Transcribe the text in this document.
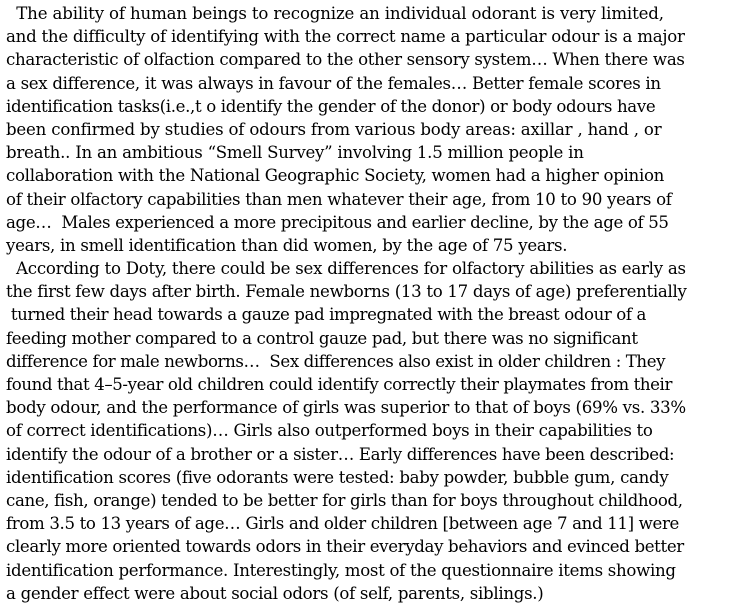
The ability of human beings to recognize an individual odorant is very limited,
and the difficulty of identifying with the correct name a particular odour is a major
characteristic of olfaction compared to the other sensory system… When there was
a sex difference, it was always in favour of the females… Better female scores in
identification tasks(i.e.,t o identify the gender of the donor) or body odours have
been confirmed by studies of odours from various body areas: axillar , hand , or
breath.. In an ambitious “Smell Survey” involving 1.5 million people in
collaboration with the National Geographic Society, women had a higher opinion
of their olfactory capabilities than men whatever their age, from 10 to 90 years of
age…  Males experienced a more precipitous and earlier decline, by the age of 55
years, in smell identification than did women, by the age of 75 years.
According to Doty, there could be sex differences for olfactory abilities as early as
the first few days after birth. Female newborns (13 to 17 days of age) preferentially
turned their head towards a gauze pad impregnated with the breast odour of a
feeding mother compared to a control gauze pad, but there was no significant
difference for male newborns…  Sex differences also exist in older children : They
found that 4–5-year old children could identify correctly their playmates from their
body odour, and the performance of girls was superior to that of boys (69% vs. 33%
of correct identifications)… Girls also outperformed boys in their capabilities to
identify the odour of a brother or a sister… Early differences have been described:
identification scores (five odorants were tested: baby powder, bubble gum, candy
cane, fish, orange) tended to be better for girls than for boys throughout childhood,
from 3.5 to 13 years of age… Girls and older children [between age 7 and 11] were
clearly more oriented towards odors in their everyday behaviors and evinced better
identification performance. Interestingly, most of the questionnaire items showing
a gender effect were about social odors (of self, parents, siblings.)
